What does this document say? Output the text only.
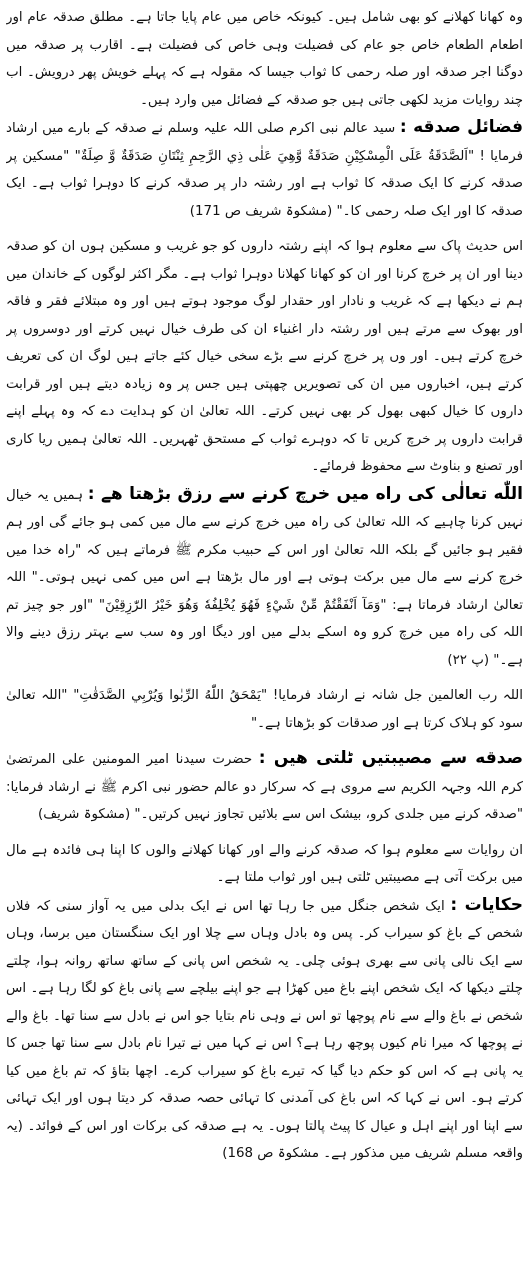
وہ کھانا کھلانے کو بھی شامل ہیں۔ کیونکہ خاص میں عام پایا جاتا ہے۔ مطلق صدقہ عام اور اطعام الطعام خاص جو عام کی فضیلت وہی خاص کی فضیلت ہے۔ اقارب پر صدقہ میں دوگنا اجر صدقہ اور صلہ رحمی کا ثواب جیسا کہ مقولہ ہے کہ پہلے خویش پھر درویش۔ اب چند روایات مزید لکھی جاتی ہیں جو صدقہ کے فضائل میں وارد ہیں۔

فضائل صدقه : سید عالم نبی اکرم صلی اللہ علیہ وسلم نے صدقہ کے بارے میں ارشاد فرمایا ! "اَلصَّدَقَةُ عَلَى الْمِسْكِيْنِ صَدَقَةٌ وَّهِيَ عَلٰى ذِي الرَّحِمِ ثِنْتَانِ صَدَقَةٌ وَّ صِلَةٌ" "مسکین پر صدقہ کرنے کا ایک صدقہ کا ثواب ہے اور رشتہ دار پر صدقہ کرنے کا دوہرا ثواب ہے۔ ایک صدقہ کا اور ایک صلہ رحمی کا۔" (مشکوۃ شریف ص 171)

اس حدیث پاک سے معلوم ہوا کہ اپنے رشتہ داروں کو جو غریب و مسکین ہوں ان کو صدقہ دینا اور ان پر خرچ کرنا اور ان کو کھانا کھلانا دوہرا ثواب ہے۔ مگر اکثر لوگوں کے خاندان میں ہم نے دیکھا ہے کہ غریب و نادار اور حقدار لوگ موجود ہوتے ہیں اور وہ مبتلائے فقر و فاقہ اور بھوک سے مرتے ہیں اور رشتہ دار اغنیاء ان کی طرف خیال نہیں کرتے اور دوسروں پر خرچ کرتے ہیں۔ اور وں پر خرچ کرنے سے بڑے سخی خیال کئے جاتے ہیں لوگ ان کی تعریف کرتے ہیں، اخباروں میں ان کی تصویریں چھپتی ہیں جس پر وہ زیادہ دیتے ہیں اور قرابت داروں کا خیال کبھی بھول کر بھی نہیں کرتے۔ اللہ تعالیٰ ان کو ہدایت دے کہ وہ پہلے اپنے قرابت داروں پر خرچ کریں تا کہ دوہرے ثواب کے مستحق ٹھہریں۔ اللہ تعالیٰ ہمیں ریا کاری اور تصنع و بناوٹ سے محفوظ فرمائے۔

اللّٰه تعالٰی کی راه میں خرچ کرنے سے رزق بڑهتا هے : ہمیں یہ خیال نہیں کرنا چاہیے کہ اللہ تعالیٰ کی راہ میں خرچ کرنے سے مال میں کمی ہو جائے گی اور ہم فقیر ہو جائیں گے بلکہ اللہ تعالیٰ اور اس کے حبیب مکرم ﷺ فرماتے ہیں کہ "راہ خدا میں خرچ کرنے سے مال میں برکت ہوتی ہے اور مال بڑھتا ہے اس میں کمی نہیں ہوتی۔" اللہ تعالیٰ ارشاد فرماتا ہے: "وَمَآ اَنْفَقْتُمْ مِّنْ شَيْءٍ فَهُوَ يُخْلِفُهٗ وَهُوَ خَيْرُ الرّٰزِقِيْنَ" "اور جو چیز تم اللہ کی راہ میں خرچ کرو وہ اسکے بدلے میں اور دیگا اور وہ سب سے بہتر رزق دینے والا ہے۔" (پ ۲۲)

اللہ رب العالمین جل شانہ نے ارشاد فرمایا! "يَمْحَقُ اللّٰهُ الرِّبٰوا وَيُرْبِي الصَّدَقٰتِ" "اللہ تعالیٰ سود کو ہلاک کرتا ہے اور صدقات کو بڑھاتا ہے۔"

صدقه سے مصیبتیں ٹلتی هیں : حضرت سیدنا امیر المومنین علی المرتضیٰ کرم اللہ وجہہ الکریم سے مروی ہے کہ سرکار دو عالم حضور نبی اکرم ﷺ نے ارشاد فرمایا: "صدقہ کرنے میں جلدی کرو، بیشک اس سے بلائیں تجاوز نہیں کرتیں۔" (مشکوۃ شریف)

ان روایات سے معلوم ہوا کہ صدقہ کرنے والے اور کھانا کھلانے والوں کا اپنا ہی فائدہ ہے مال میں برکت آتی ہے مصیبتیں ٹلتی ہیں اور ثواب ملتا ہے۔

حکایات : ایک شخص جنگل میں جا رہا تھا اس نے ایک بدلی میں یہ آواز سنی کہ فلاں شخص کے باغ کو سیراب کر۔ پس وہ بادل وہاں سے چلا اور ایک سنگستان میں برسا، وہاں سے ایک نالی پانی سے بھری ہوئی چلی۔ یہ شخص اس پانی کے ساتھ ساتھ روانہ ہوا، چلتے چلتے دیکھا کہ ایک شخص اپنے باغ میں کھڑا ہے جو اپنے بیلچے سے پانی باغ کو لگا رہا ہے۔ اس شخص نے باغ والے سے نام پوچھا تو اس نے وہی نام بتایا جو اس نے بادل سے سنا تھا۔ باغ والے نے پوچھا کہ میرا نام کیوں پوچھ رہا ہے؟ اس نے کہا میں نے تیرا نام بادل سے سنا تھا جس کا یہ پانی ہے کہ اس کو حکم دیا گیا کہ تیرے باغ کو سیراب کرے۔ اچھا بتاؤ کہ تم باغ میں کیا کرتے ہو۔ اس نے کہا کہ اس باغ کی آمدنی کا تہائی حصہ صدقہ کر دیتا ہوں اور ایک تہائی سے اپنا اور اپنے اہل و عیال کا پیٹ پالتا ہوں۔ یہ ہے صدقہ کی برکات اور اس کے فوائد۔ (یہ واقعہ مسلم شریف میں مذکور ہے۔ مشکوۃ ص 168)
